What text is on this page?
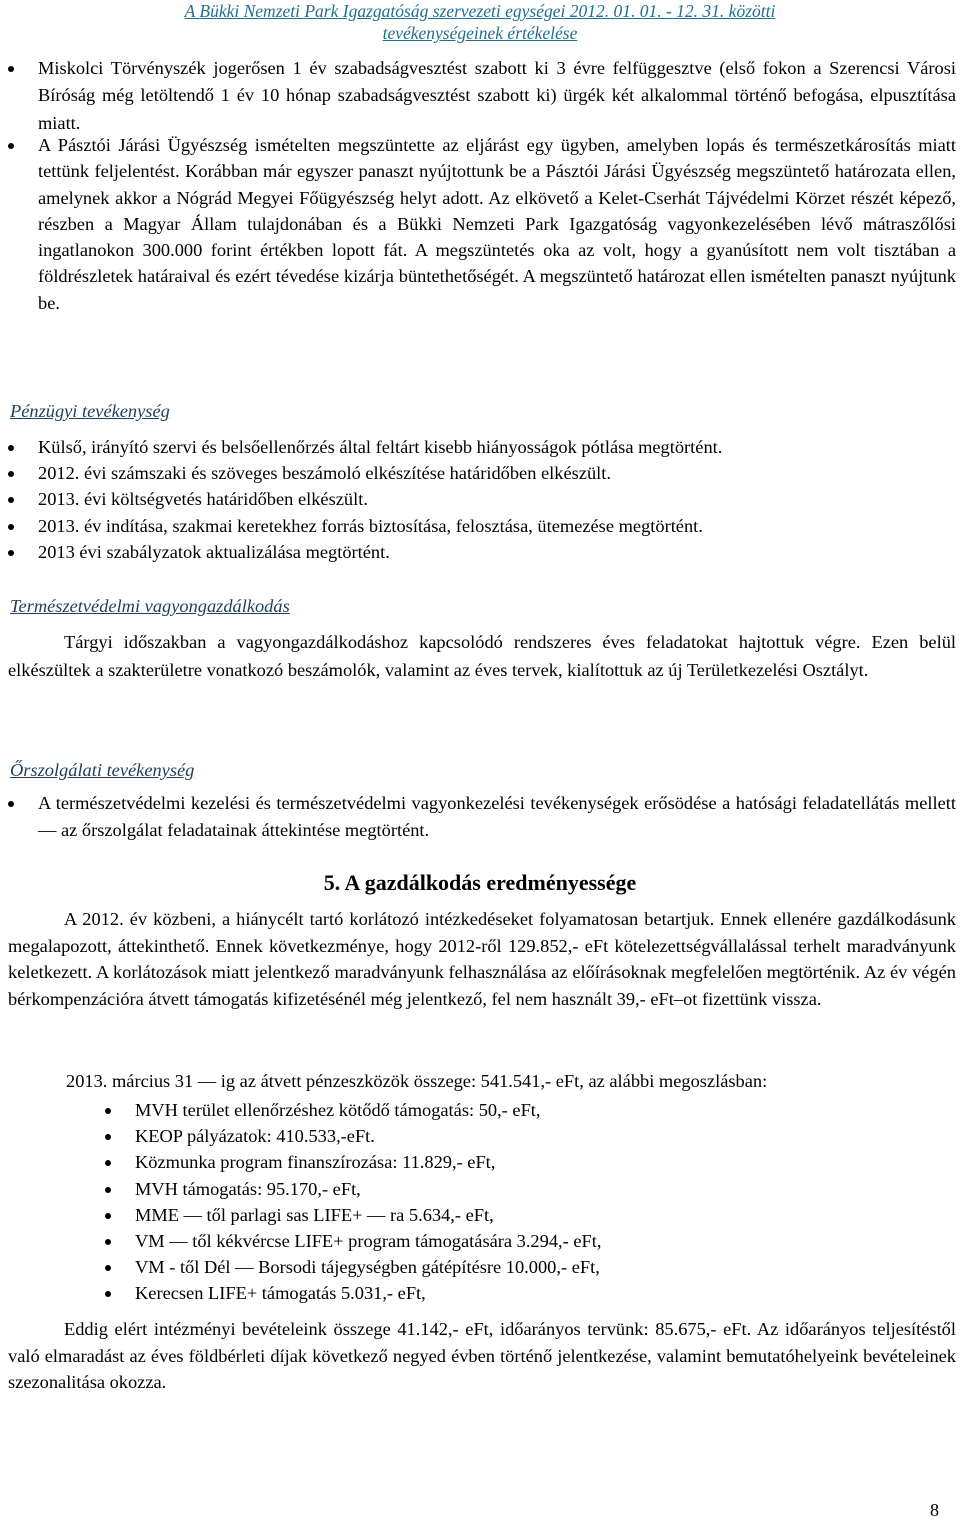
A Bükki Nemzeti Park Igazgatóság szervezeti egységei 2012. 01. 01. - 12. 31. közötti
tevékenységeinek értékelése
Miskolci Törvényszék jogerősen 1 év szabadságvesztést szabott ki 3 évre felfüggesztve (első fokon a Szerencsi Városi Bíróság még letöltendő 1 év 10 hónap szabadságvesztést szabott ki) ürgék két alkalommal történő befogása, elpusztítása miatt.
A Pásztói Járási Ügyészség ismételten megszüntette az eljárást egy ügyben, amelyben lopás és természetkárosítás miatt tettünk feljelentést. Korábban már egyszer panaszt nyújtottunk be a Pásztói Járási Ügyészség megszüntető határozata ellen, amelynek akkor a Nógrád Megyei Főügyészség helyt adott. Az elkövető a Kelet-Cserhát Tájvédelmi Körzet részét képező, részben a Magyar Állam tulajdonában és a Bükki Nemzeti Park Igazgatóság vagyonkezelésében lévő mátraszőlősi ingatlanokon 300.000 forint értékben lopott fát. A megszüntetés oka az volt, hogy a gyanúsított nem volt tisztában a földrészletek határaival és ezért tévedése kizárja büntethetőségét. A megszüntető határozat ellen ismételten panaszt nyújtunk be.
Pénzügyi tevékenység
Külső, irányító szervi és belsőellenőrzés által feltárt kisebb hiányosságok pótlása megtörtént.
2012. évi számszaki és szöveges beszámoló elkészítése határidőben elkészült.
2013. évi költségvetés határidőben elkészült.
2013. év indítása, szakmai keretekhez forrás biztosítása, felosztása, ütemezése megtörtént.
2013 évi szabályzatok aktualizálása megtörtént.
Természetvédelmi vagyongazdálkodás
Tárgyi időszakban a vagyongazdálkodáshoz kapcsolódó rendszeres éves feladatokat hajtottuk végre. Ezen belül elkészültek a szakterületre vonatkozó beszámolók, valamint az éves tervek, kialítottuk az új Területkezelési Osztályt.
Őrszolgálati tevékenység
A természetvédelmi kezelési és természetvédelmi vagyonkezelési tevékenységek erősödése a hatósági feladatellátás mellett — az őrszolgálat feladatainak áttekintése megtörtént.
5. A gazdálkodás eredményessége
A 2012. év közbeni, a hiánycélt tartó korlátozó intézkedéseket folyamatosan betartjuk. Ennek ellenére gazdálkodásunk megalapozott, áttekinthető. Ennek következménye, hogy 2012-ről 129.852,- eFt kötelezettségvállalással terhelt maradványunk keletkezett. A korlátozások miatt jelentkező maradványunk felhasználása az előírásoknak megfelelően megtörténik. Az év végén bérkompenzációra átvett támogatás kifizetésénél még jelentkező, fel nem használt 39,- eFt–ot fizettünk vissza.
2013. március 31 — ig az átvett pénzeszközök összege: 541.541,- eFt, az alábbi megoszlásban:
MVH terület ellenőrzéshez kötődő támogatás: 50,- eFt,
KEOP pályázatok: 410.533,-eFt.
Közmunka program finanszírozása: 11.829,- eFt,
MVH támogatás: 95.170,- eFt,
MME — től parlagi sas LIFE+ — ra 5.634,- eFt,
VM — től kékvércse LIFE+ program támogatására 3.294,- eFt,
VM - től Dél — Borsodi tájegységben gátépítésre 10.000,- eFt,
Kerecsen LIFE+ támogatás 5.031,- eFt,
Eddig elért intézményi bevételeink összege 41.142,- eFt, időarányos tervünk: 85.675,- eFt. Az időarányos teljesítéstől való elmaradást az éves földbérleti díjak következő negyed évben történő jelentkezése, valamint bemutatóhelyeink bevételeinek szezonalitása okozza.
8
